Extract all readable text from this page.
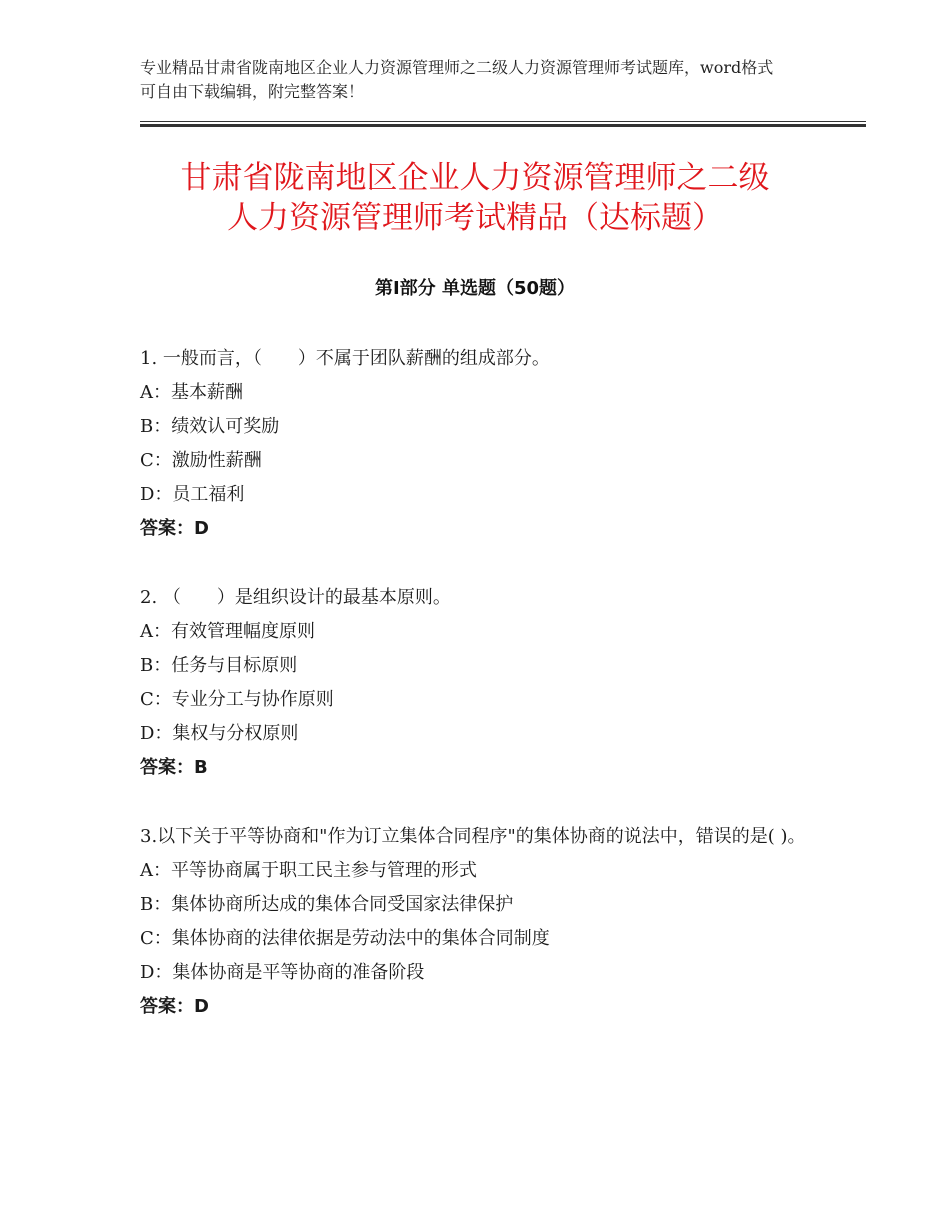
专业精品甘肃省陇南地区企业人力资源管理师之二级人力资源管理师考试题库，word格式可自由下载编辑，附完整答案！
甘肃省陇南地区企业人力资源管理师之二级
人力资源管理师考试精品（达标题）
第Ⅰ部分 单选题（50题）
1. 一般而言，（　　）不属于团队薪酬的组成部分。
A：基本薪酬
B：绩效认可奖励
C：激励性薪酬
D：员工福利
答案：D
2. （　　）是组织设计的最基本原则。
A：有效管理幅度原则
B：任务与目标原则
C：专业分工与协作原则
D：集权与分权原则
答案：B
3.以下关于平等协商和"作为订立集体合同程序"的集体协商的说法中，错误的是( )。
A：平等协商属于职工民主参与管理的形式
B：集体协商所达成的集体合同受国家法律保护
C：集体协商的法律依据是劳动法中的集体合同制度
D：集体协商是平等协商的准备阶段
答案：D
